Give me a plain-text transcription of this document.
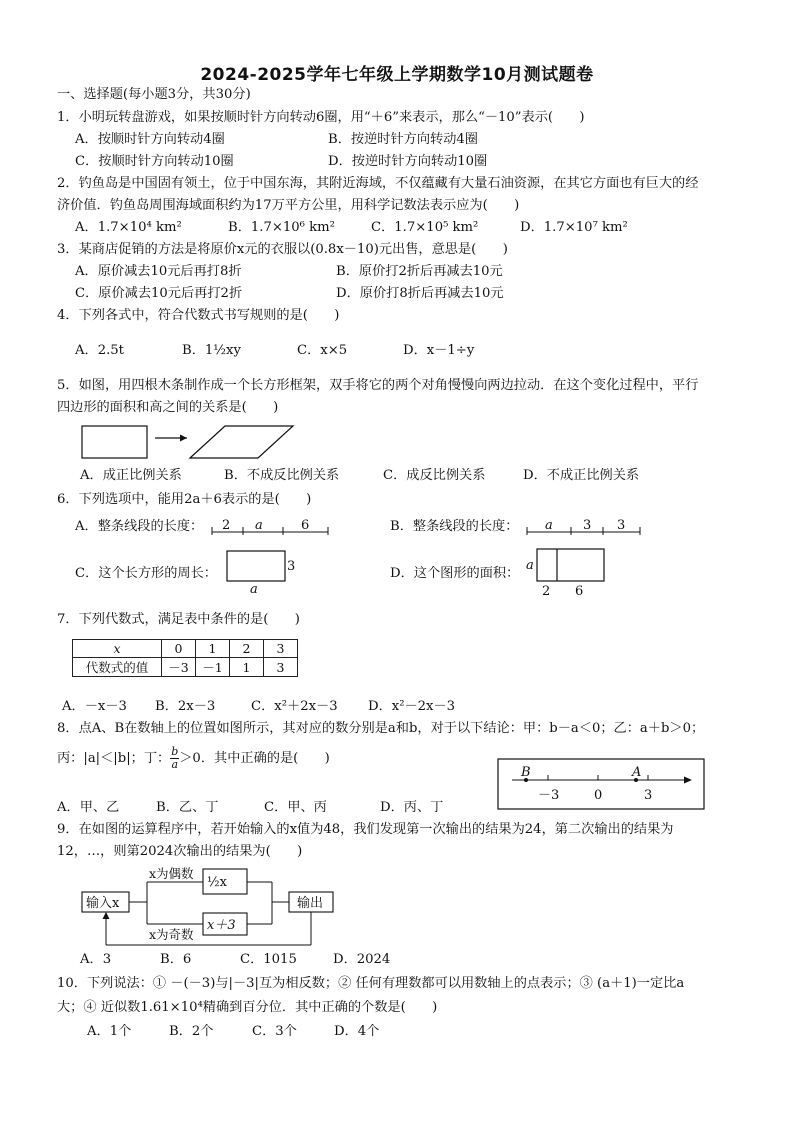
2024-2025学年七年级上学期数学10月测试题卷
一、选择题(每小题3分，共30分)
1．小明玩转盘游戏，如果按顺时针方向转动6圈，用“＋6”来表示，那么“－10”表示(　　)
A．按顺时针方向转动4圈	B．按逆时针方向转动4圈
C．按顺时针方向转动10圈	D．按逆时针方向转动10圈
2．钓鱼岛是中国固有领土，位于中国东海，其附近海域，不仅蕴藏有大量石油资源，在其它方面也有巨大的经
济价值．钓鱼岛周围海域面积约为17万平方公里，用科学记数法表示应为(　　)
A．1.7×10⁴ km²	B．1.7×10⁶ km²	C．1.7×10⁵ km²	D．1.7×10⁷ km²
3．某商店促销的方法是将原价x元的衣服以(0.8x－10)元出售，意思是(　　)
A．原价减去10元后再打8折	B．原价打2折后再减去10元
C．原价减去10元后再打2折	D．原价打8折后再减去10元
4．下列各式中，符合代数式书写规则的是(　　)
A．2.5t	B．1½xy	C．x×5	D．x－1÷y
5．如图，用四根木条制作成一个长方形框架，双手将它的两个对角慢慢向两边拉动．在这个变化过程中，平行
四边形的面积和高之间的关系是(　　)
A．成正比例关系	B．不成反比例关系	C．成反比例关系	D．不成正比例关系
6．下列选项中，能用2a＋6表示的是(　　)
A．整条线段的长度： 2 a	6	B．整条线段的长度： a 3 3
C．这个长方形的周长：	3
a
D．这个图形的面积：
a
2 6
7．下列代数式，满足表中条件的是(　　)
x	0	1	2	3
代数式的值	－3	－1	1	3
A．－x－3 B．2x－3	C．x²＋2x－3 D．x²－2x－3
8．点A、B在数轴上的位置如图所示，其对应的数分别是a和b，对于以下结论：甲：b－a＜0；乙：a＋b＞0；
丙：|a|＜|b|；丁： $\frac{b}{a} >0$．其中正确的是(　　)
B	A
－3	0	3
A．甲、乙	B．乙、丁	C．甲、丙	D．丙、丁
9．在如图的运算程序中，若开始输入的x值为48，我们发现第一次输出的结果为24，第二次输出的结果为
12，…，则第2024次输出的结果为(　　)
输入x
x为偶数
½x
x＋3
输出
x为奇数
A．3	B．6	C．1015	D．2024
10．下列说法：① －(－3)与|－3|互为相反数；② 任何有理数都可以用数轴上的点表示；③ (a＋1)一定比a
大；④ 近似数1.61×10⁴精确到百分位．其中正确的个数是(　　)
A．1个	B．2个	C．3个	D．4个
